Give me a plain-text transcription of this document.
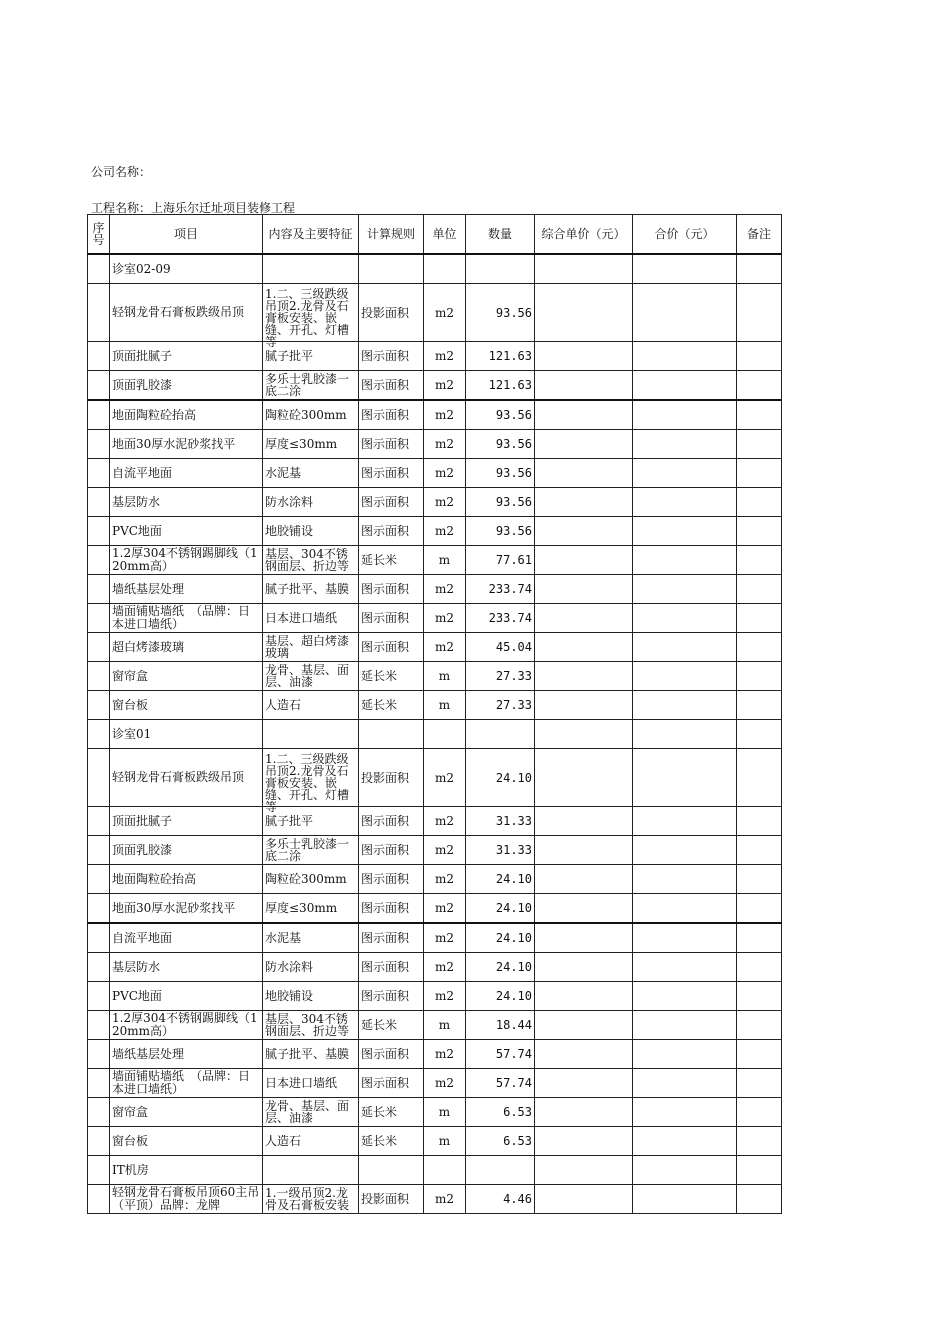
公司名称：
工程名称：上海乐尔迁址项目装修工程
序号	项目	内容及主要特征	计算规则	单位	数量	综合单价（元）	合价（元）	备注

	诊室02-09							

	轻钢龙骨石膏板跌级吊顶	1.二、三级跌级吊顶2.龙骨及石膏板安装、嵌缝、开孔、灯槽等	投影面积	m2	93.56			

	顶面批腻子	腻子批平	图示面积	m2	121.63			

	顶面乳胶漆	多乐士乳胶漆一底二涂	图示面积	m2	121.63			

	地面陶粒砼抬高	陶粒砼300mm	图示面积	m2	93.56			

	地面30厚水泥砂浆找平	厚度≤30mm	图示面积	m2	93.56			

	自流平地面	水泥基	图示面积	m2	93.56			

	基层防水	防水涂料	图示面积	m2	93.56			

	PVC地面	地胶铺设	图示面积	m2	93.56			

	1.2厚304不锈钢踢脚线（120mm高）	基层、304不锈钢面层、折边等	延长米	m	77.61			

	墙纸基层处理	腻子批平、基膜	图示面积	m2	233.74			

	墙面铺贴墙纸　（品牌：日本进口墙纸）	日本进口墙纸	图示面积	m2	233.74			

	超白烤漆玻璃	基层、超白烤漆玻璃	图示面积	m2	45.04			

	窗帘盒	龙骨、基层、面层、油漆	延长米	m	27.33			

	窗台板	人造石	延长米	m	27.33			

	诊室01							

	轻钢龙骨石膏板跌级吊顶	1.二、三级跌级吊顶2.龙骨及石膏板安装、嵌缝、开孔、灯槽等	投影面积	m2	24.10			

	顶面批腻子	腻子批平	图示面积	m2	31.33			

	顶面乳胶漆	多乐士乳胶漆一底二涂	图示面积	m2	31.33			

	地面陶粒砼抬高	陶粒砼300mm	图示面积	m2	24.10			

	地面30厚水泥砂浆找平	厚度≤30mm	图示面积	m2	24.10			

	自流平地面	水泥基	图示面积	m2	24.10			

	基层防水	防水涂料	图示面积	m2	24.10			

	PVC地面	地胶铺设	图示面积	m2	24.10			

	1.2厚304不锈钢踢脚线（120mm高）	基层、304不锈钢面层、折边等	延长米	m	18.44			

	墙纸基层处理	腻子批平、基膜	图示面积	m2	57.74			

	墙面铺贴墙纸　（品牌：日本进口墙纸）	日本进口墙纸	图示面积	m2	57.74			

	窗帘盒	龙骨、基层、面层、油漆	延长米	m	6.53			

	窗台板	人造石	延长米	m	6.53			

	IT机房							

	轻钢龙骨石膏板吊顶60主吊（平顶）品牌：龙牌	1.一级吊顶2.龙骨及石膏板安装	投影面积	m2	4.46			
